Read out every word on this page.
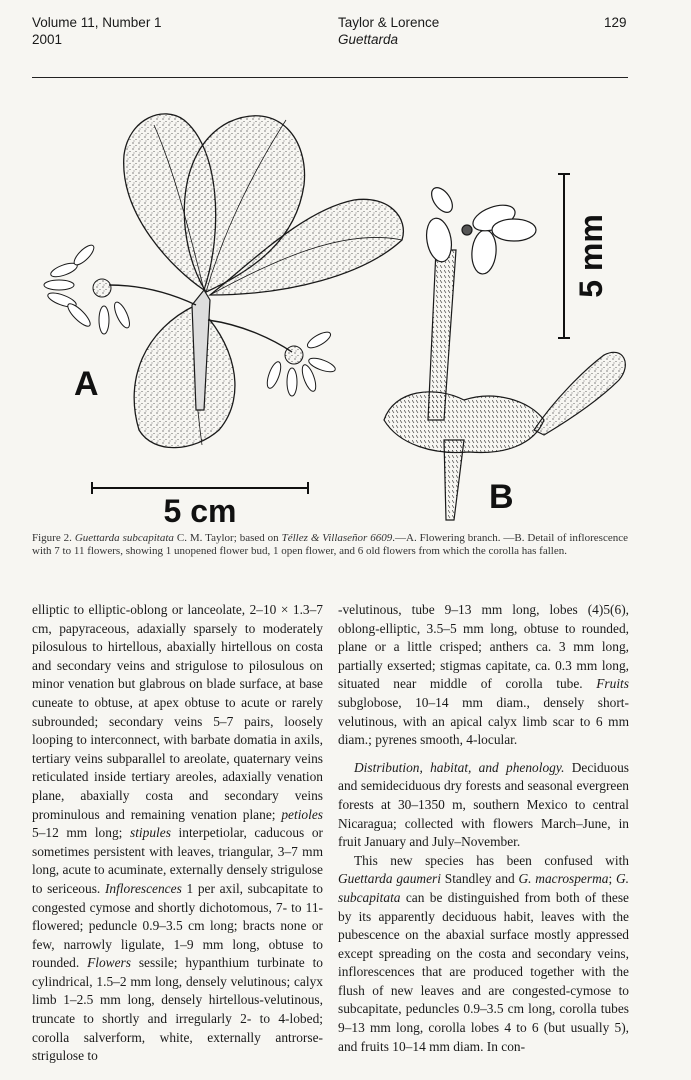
Volume 11, Number 1
2001
Taylor & Lorence
Guettarda
129
A
5 cm	B
5 mm
Figure 2. Guettarda subcapitata C. M. Taylor; based on Téllez & Villaseñor 6609.—A. Flowering branch. —B. Detail of inflorescence with 7 to 11 flowers, showing 1 unopened flower bud, 1 open flower, and 6 old flowers from which the corolla has fallen.

elliptic to elliptic-oblong or lanceolate, 2–10 × 1.3–7 cm, papyraceous, adaxially sparsely to moderately pilosulous to hirtellous, abaxially hirtellous on costa and secondary veins and strigulose to pilosulous on minor venation but glabrous on blade surface, at base cuneate to obtuse, at apex obtuse to acute or rarely subrounded; secondary veins 5–7 pairs, loosely looping to interconnect, with barbate domatia in axils, tertiary veins subparallel to areolate, quaternary veins reticulated inside tertiary areoles, adaxially venation plane, abaxially costa and secondary veins prominulous and remaining venation plane; petioles 5–12 mm long; stipules interpetiolar, caducous or sometimes persistent with leaves, triangular, 3–7 mm long, acute to acuminate, externally densely strigulose to sericeous. Inflorescences 1 per axil, subcapitate to congested cymose and shortly dichotomous, 7- to 11-flowered; peduncle 0.9–3.5 cm long; bracts none or few, narrowly ligulate, 1–9 mm long, obtuse to rounded. Flowers sessile; hypanthium turbinate to cylindrical, 1.5–2 mm long, densely velutinous; calyx limb 1–2.5 mm long, densely hirtellous-velutinous, truncate to shortly and irregularly 2- to 4-lobed; corolla salverform, white, externally antrorse-strigulose to

-velutinous, tube 9–13 mm long, lobes (4)5(6), oblong-elliptic, 3.5–5 mm long, obtuse to rounded, plane or a little crisped; anthers ca. 3 mm long, partially exserted; stigmas capitate, ca. 0.3 mm long, situated near middle of corolla tube. Fruits subglobose, 10–14 mm diam., densely short-velutinous, with an apical calyx limb scar to 6 mm diam.; pyrenes smooth, 4-locular.

Distribution, habitat, and phenology. Deciduous and semideciduous dry forests and seasonal evergreen forests at 30–1350 m, southern Mexico to central Nicaragua; collected with flowers March–June, in fruit January and July–November.

This new species has been confused with Guettarda gaumeri Standley and G. macrosperma; G. subcapitata can be distinguished from both of these by its apparently deciduous habit, leaves with the pubescence on the abaxial surface mostly appressed except spreading on the costa and secondary veins, inflorescences that are produced together with the flush of new leaves and are congested-cymose to subcapitate, peduncles 0.9–3.5 cm long, corolla tubes 9–13 mm long, corolla lobes 4 to 6 (but usually 5), and fruits 10–14 mm diam. In con-
